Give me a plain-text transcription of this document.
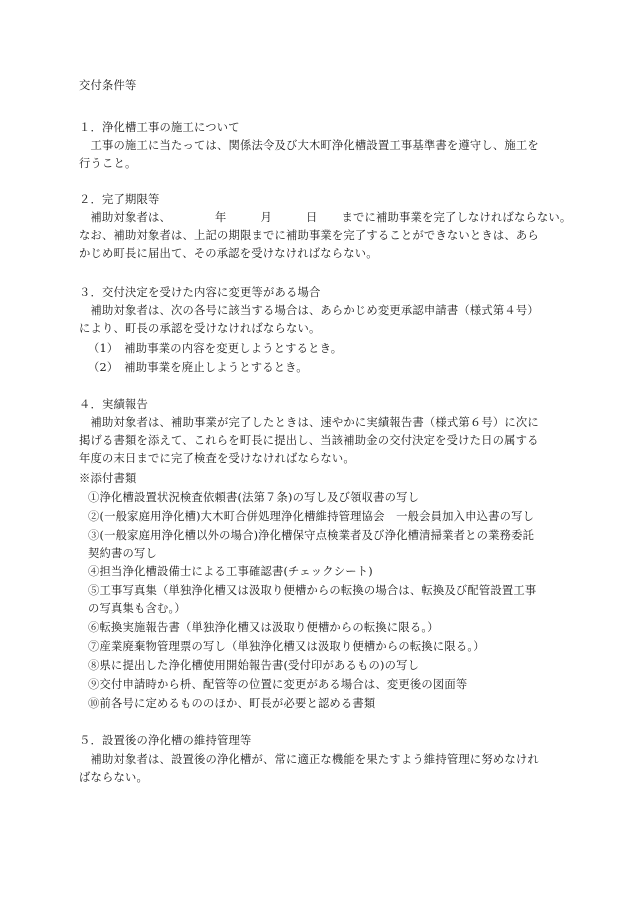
交付条件等
１．浄化槽工事の施工について
　工事の施工に当たっては、関係法令及び大木町浄化槽設置工事基準書を遵守し、施工を
行うこと。
２．完了期限等
　補助対象者は、	年	月	日 までに補助事業を完了しなければならない。
なお、補助対象者は、上記の期限までに補助事業を完了することができないときは、あら
かじめ町長に届出て、その承認を受けなければならない。
３．交付決定を受けた内容に変更等がある場合
　補助対象者は、次の各号に該当する場合は、あらかじめ変更承認申請書（様式第４号）
により、町長の承認を受けなければならない。
（1）　補助事業の内容を変更しようとするとき。
（2）　補助事業を廃止しようとするとき。
４．実績報告
　補助対象者は、補助事業が完了したときは、速やかに実績報告書（様式第６号）に次に
掲げる書類を添えて、これらを町長に提出し、当該補助金の交付決定を受けた日の属する
年度の末日までに完了検査を受けなければならない。
※添付書類
①浄化槽設置状況検査依頼書(法第７条)の写し及び領収書の写し
②(一般家庭用浄化槽)大木町合併処理浄化槽維持管理協会　一般会員加入申込書の写し
③(一般家庭用浄化槽以外の場合)浄化槽保守点検業者及び浄化槽清掃業者との業務委託
契約書の写し
④担当浄化槽設備士による工事確認書(チェックシート)
⑤工事写真集（単独浄化槽又は汲取り便槽からの転換の場合は、転換及び配管設置工事
の写真集も含む。）
⑥転換実施報告書（単独浄化槽又は汲取り便槽からの転換に限る。）
⑦産業廃棄物管理票の写し（単独浄化槽又は汲取り便槽からの転換に限る。）
⑧県に提出した浄化槽使用開始報告書(受付印があるもの)の写し
⑨交付申請時から枡、配管等の位置に変更がある場合は、変更後の図面等
⑩前各号に定めるもののほか、町長が必要と認める書類
５．設置後の浄化槽の維持管理等
　補助対象者は、設置後の浄化槽が、常に適正な機能を果たすよう維持管理に努めなけれ
ばならない。
